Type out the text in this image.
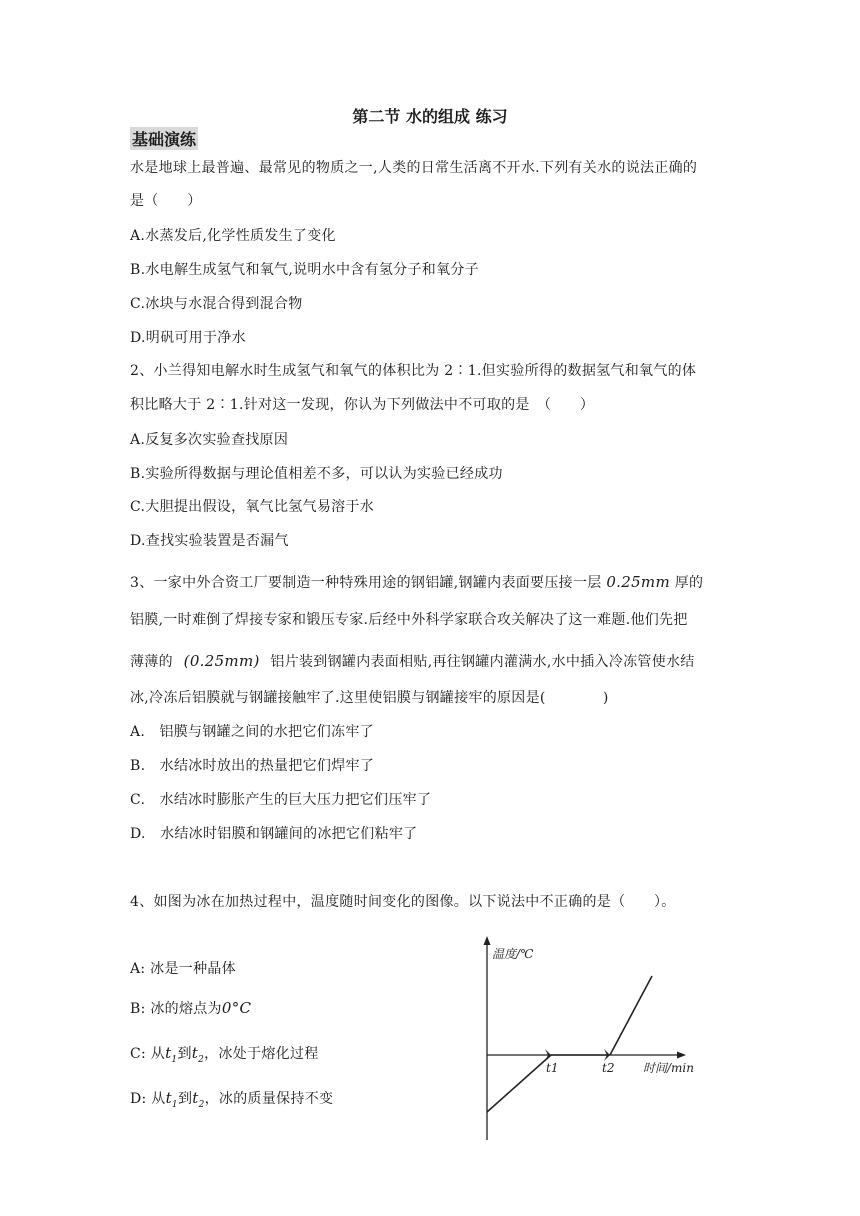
第二节 水的组成 练习
基础演练
水是地球上最普遍、最常见的物质之一,人类的日常生活离不开水.下列有关水的说法正确的
是（　　）
A.水蒸发后,化学性质发生了变化
B.水电解生成氢气和氧气,说明水中含有氢分子和氧分子
C.冰块与水混合得到混合物
D.明矾可用于净水
2、小兰得知电解水时生成氢气和氧气的体积比为 2∶1.但实验所得的数据氢气和氧气的体
积比略大于 2∶1.针对这一发现，你认为下列做法中不可取的是　（　　）
A.反复多次实验查找原因
B.实验所得数据与理论值相差不多，可以认为实验已经成功
C.大胆提出假设，氧气比氢气易溶于水
D.查找实验装置是否漏气
3、一家中外合资工厂要制造一种特殊用途的钢铝罐,钢罐内表面要压接一层 0.25mm 厚的
铝膜,一时难倒了焊接专家和锻压专家.后经中外科学家联合攻关解决了这一难题.他们先把
薄薄的 (0.25mm) 铝片装到钢罐内表面相贴,再往钢罐内灌满水,水中插入冷冻管使水结
冰,冷冻后铝膜就与钢罐接触牢了.这里使铝膜与钢罐接牢的原因是(　　　　)
A.　铝膜与钢罐之间的水把它们冻牢了
B.　水结冰时放出的热量把它们焊牢了
C.　水结冰时膨胀产生的巨大压力把它们压牢了
D.　水结冰时铝膜和钢罐间的冰把它们粘牢了
4、如图为冰在加热过程中，温度随时间变化的图像。以下说法中不正确的是（　　）。
A: 冰是一种晶体
B: 冰的熔点为0°C
C: 从$t_1$到$t_2$，冰处于熔化过程
D: 从$t_1$到$t_2$，冰的质量保持不变
温度/℃
时间/min
t1	t2
